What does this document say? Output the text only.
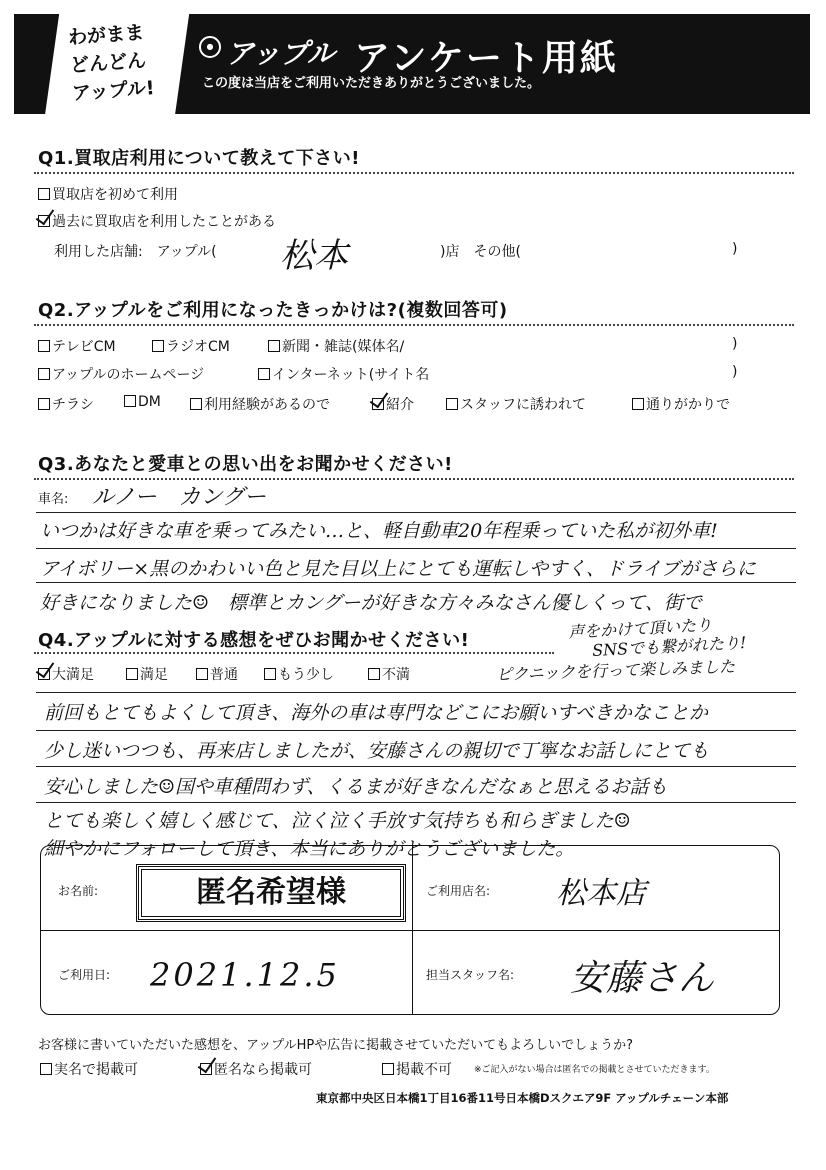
わがまま
どんどん
アップル!
● アップル アンケート用紙
この度は当店をご利用いただきありがとうございました。
Q1.買取店利用について教えて下さい!
買取店を初めて利用
過去に買取店を利用したことがある
利用した店舗:　アップル( 松本	)店　その他(	)
Q2.アップルをご利用になったきっかけは?(複数回答可)
テレビCM	ラジオCM	新聞・雑誌(媒体名/	)
アップルのホームページ	インターネット(サイト名	)
チラシ	DM	利用経験があるので	紹介	スタッフに誘われて	通りがかりで
Q3.あなたと愛車との思い出をお聞かせください!
車名: ルノー　カングー
いつかは好きな車を乗ってみたい…と、軽自動車20年程乗っていた私が初外車!
アイボリー×黒のかわいい色と見た目以上にとても運転しやすく、ドライブがさらに
好きになりました☺　標準とカングーが好きな方々みなさん優しくって、街で
声をかけて頂いたり
SNSでも繋がれたり!
ピクニックを行って楽しみました
Q4.アップルに対する感想をぜひお聞かせください!
大満足	満足	普通	もう少し	不満
前回もとてもよくして頂き、海外の車は専門などこにお願いすべきかなことか
少し迷いつつも、再来店しましたが、安藤さんの親切で丁寧なお話しにとても
安心しました☺国や車種問わず、くるまが好きなんだなぁと思えるお話も
とても楽しく嬉しく感じて、泣く泣く手放す気持ちも和らぎました☺
細やかにフォローして頂き、本当にありがとうございました。
お名前:	匿名希望様	ご利用店名: 松本店
ご利用日: 2021.12.5	担当スタッフ名: 安藤さん
お客様に書いていただいた感想を、アップルHPや広告に掲載させていただいてもよろしいでしょうか?
実名で掲載可	匿名なら掲載可	掲載不可 ※ご記入がない場合は匿名での掲載とさせていただきます。
東京都中央区日本橋1丁目16番11号日本橋Dスクエア9F アップルチェーン本部
